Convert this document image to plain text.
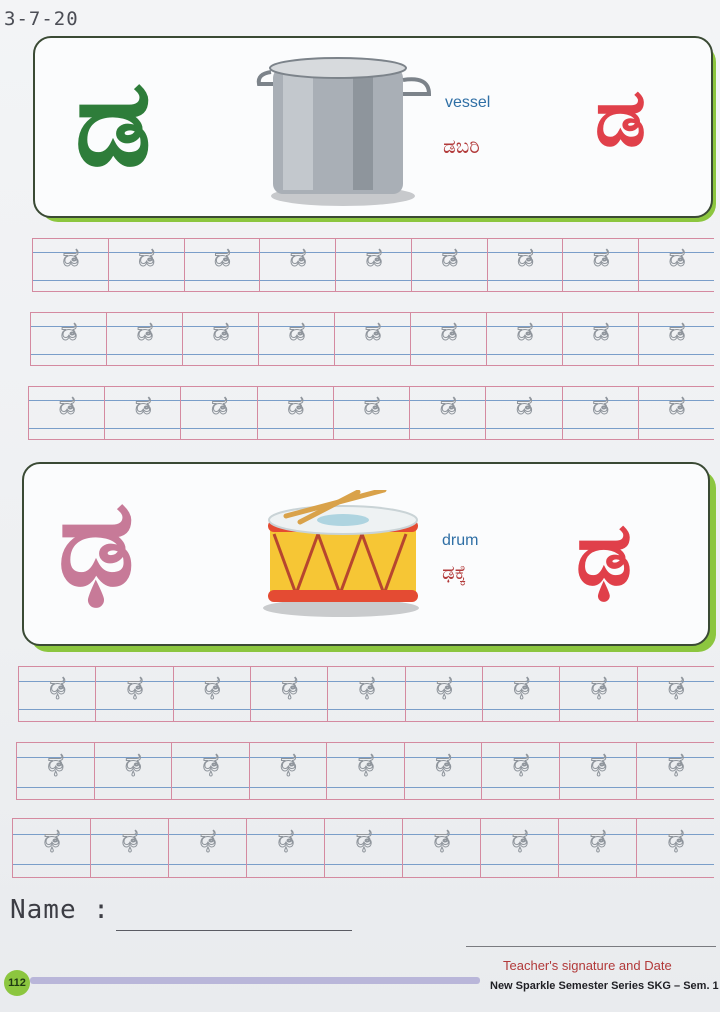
3-7-20
ಡ	vessel
ಡಬರಿ ಡ
ಡ	ಡ	ಡ	ಡ	ಡ	ಡ	ಡ	ಡ	ಡ
ಡ	ಡ	ಡ	ಡ	ಡ	ಡ	ಡ	ಡ	ಡ
ಡ	ಡ	ಡ	ಡ	ಡ	ಡ	ಡ	ಡ	ಡ
ಢ	drum
ಢಕ್ಕೆ ಢ
ಢ	ಢ	ಢ	ಢ	ಢ	ಢ	ಢ	ಢ	ಢ
ಢ	ಢ	ಢ	ಢ	ಢ	ಢ	ಢ	ಢ	ಢ
ಢ	ಢ	ಢ	ಢ	ಢ	ಢ	ಢ	ಢ	ಢ
Name :
Teacher's signature and Date
112	New Sparkle Semester Series SKG – Sem. 1
